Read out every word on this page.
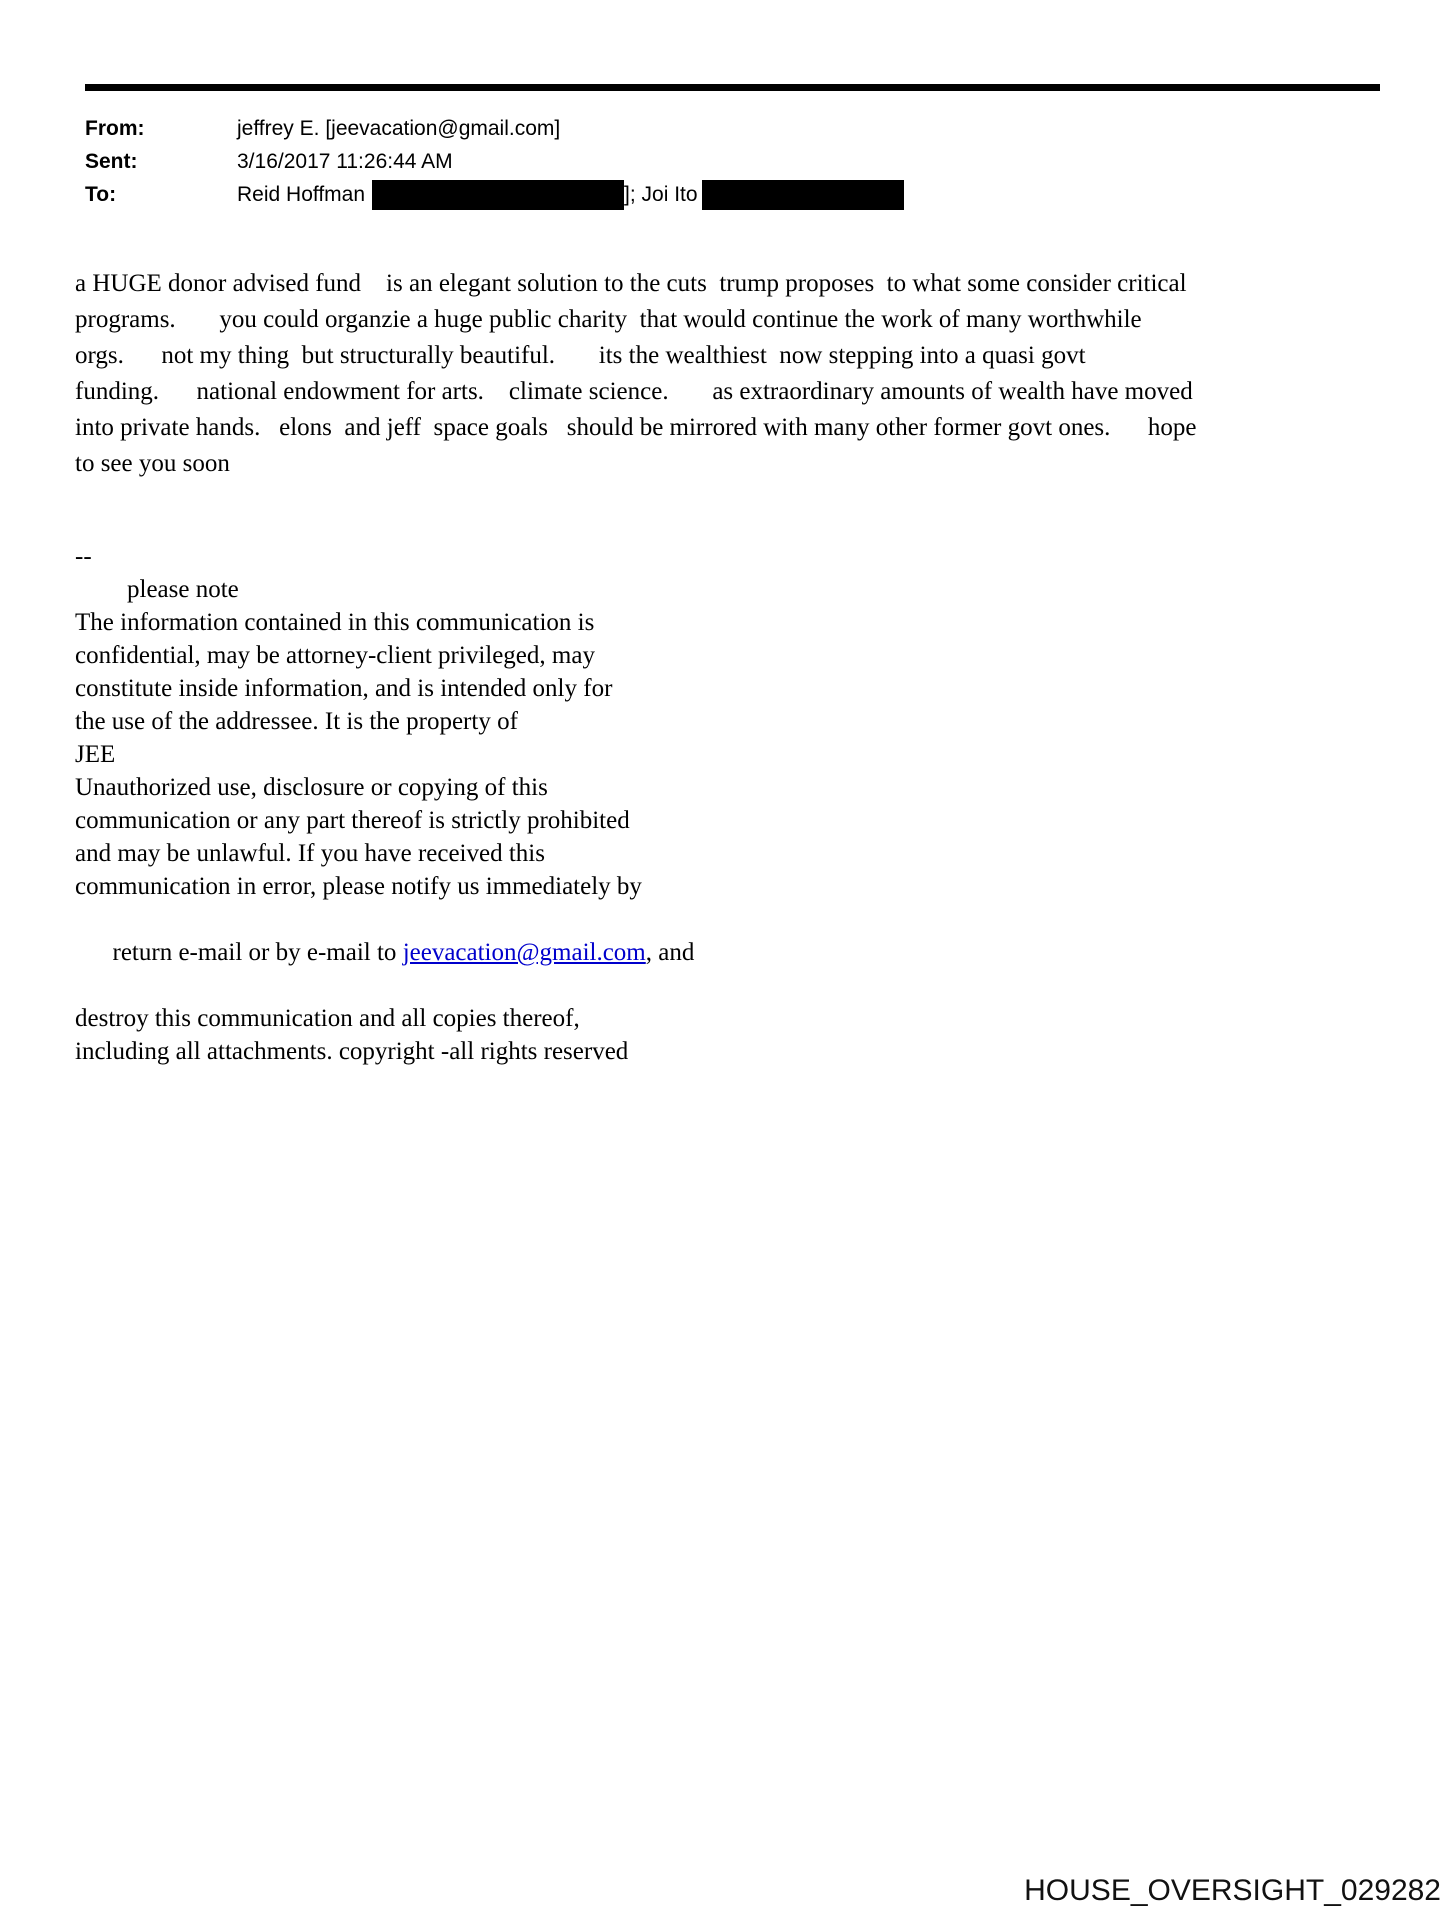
From:	jeffrey E. [jeevacation@gmail.com]
Sent:	3/16/2017 11:26:44 AM
To:	Reid Hoffman	]; Joi Ito
a HUGE donor advised fund    is an elegant solution to the cuts  trump proposes  to what some consider critical
programs.       you could organzie a huge public charity  that would continue the work of many worthwhile
orgs.      not my thing  but structurally beautiful.       its the wealthiest  now stepping into a quasi govt
funding.      national endowment for arts.    climate science.       as extraordinary amounts of wealth have moved
into private hands.   elons  and jeff  space goals   should be mirrored with many other former govt ones.      hope
to see you soon
--
please note
The information contained in this communication is
confidential, may be attorney-client privileged, may
constitute inside information, and is intended only for
the use of the addressee. It is the property of
JEE
Unauthorized use, disclosure or copying of this
communication or any part thereof is strictly prohibited
and may be unlawful. If you have received this
communication in error, please notify us immediately by

return e-mail or by e-mail to jeevacation@gmail.com, and

destroy this communication and all copies thereof,
including all attachments. copyright -all rights reserved
HOUSE_OVERSIGHT_029282
